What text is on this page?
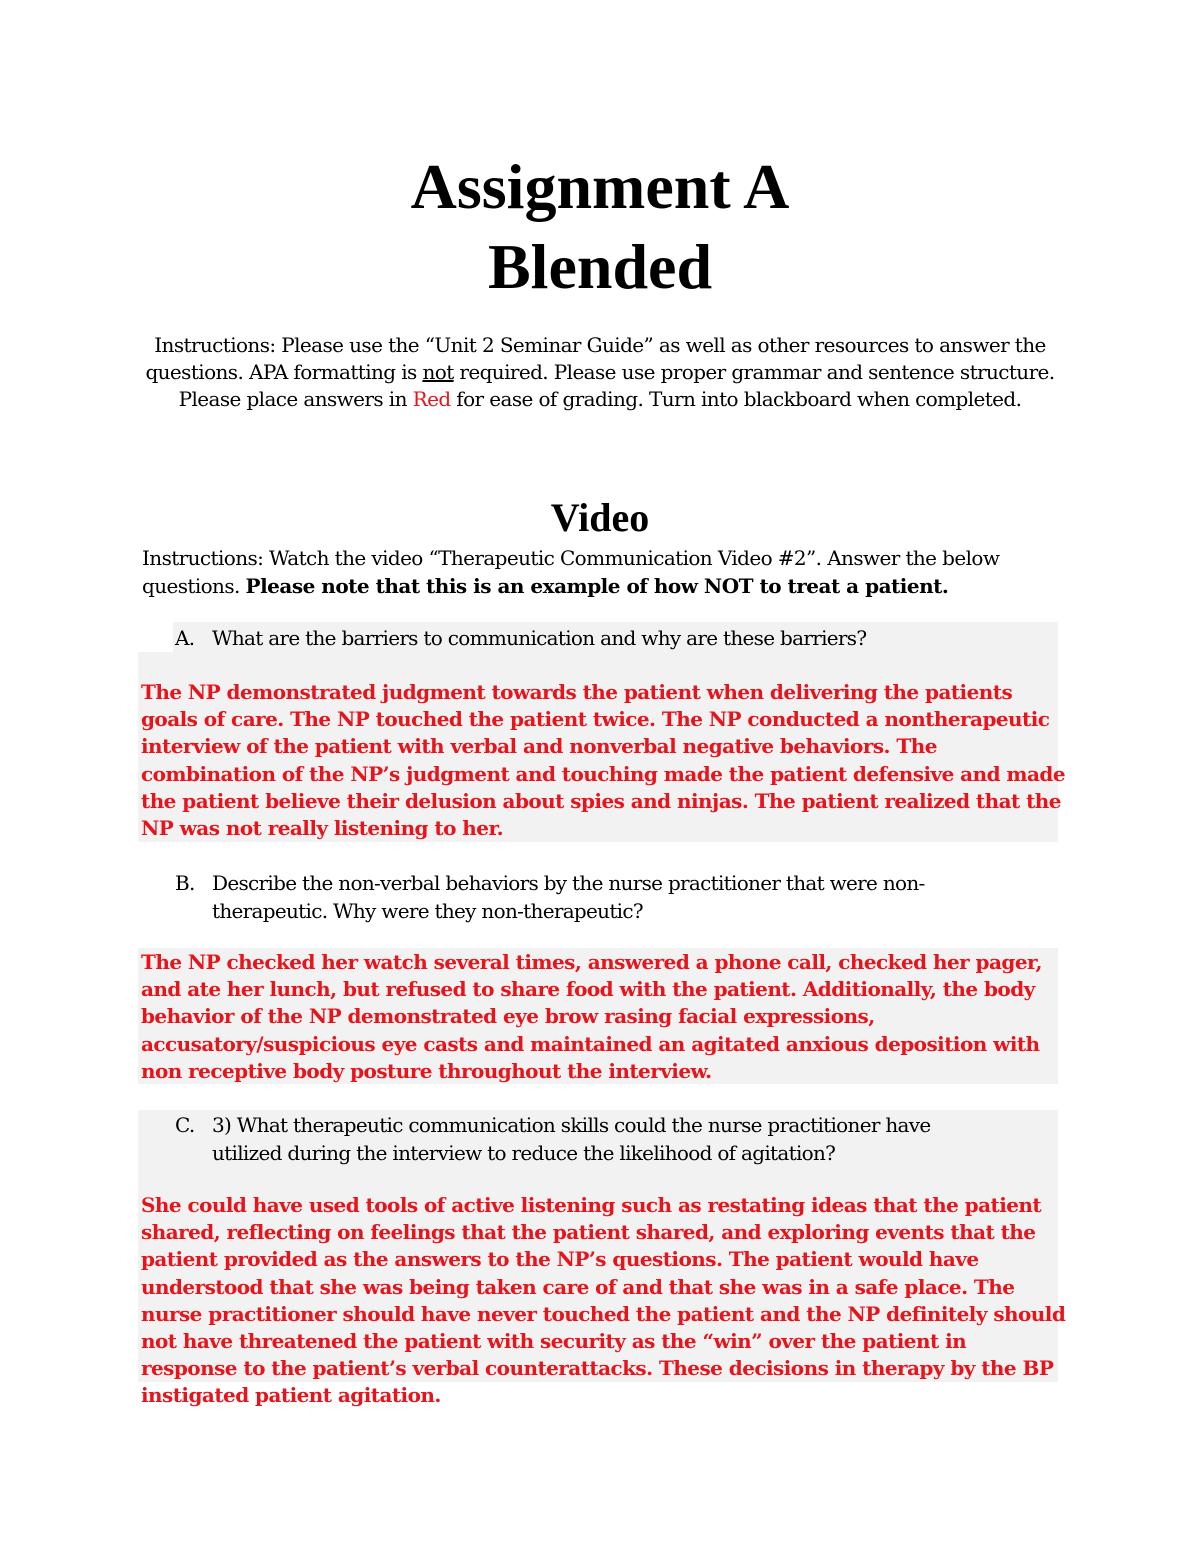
Assignment A
Blended
Instructions: Please use the “Unit 2 Seminar Guide” as well as other resources to answer the questions. APA formatting is not required. Please use proper grammar and sentence structure. Please place answers in Red for ease of grading. Turn into blackboard when completed.
Video
Instructions: Watch the video “Therapeutic Communication Video #2”. Answer the below questions. Please note that this is an example of how NOT to treat a patient.
A. What are the barriers to communication and why are these barriers?
The NP demonstrated judgment towards the patient when delivering the patients goals of care. The NP touched the patient twice. The NP conducted a nontherapeutic interview of the patient with verbal and nonverbal negative behaviors. The combination of the NP’s judgment and touching made the patient defensive and made the patient believe their delusion about spies and ninjas. The patient realized that the NP was not really listening to her.
B. Describe the non-verbal behaviors by the nurse practitioner that were non-therapeutic. Why were they non-therapeutic?
The NP checked her watch several times, answered a phone call, checked her pager, and ate her lunch, but refused to share food with the patient. Additionally, the body behavior of the NP demonstrated eye brow rasing facial expressions, accusatory/suspicious eye casts and maintained an agitated anxious deposition with non receptive body posture throughout the interview.
C. 3) What therapeutic communication skills could the nurse practitioner have utilized during the interview to reduce the likelihood of agitation?
She could have used tools of active listening such as restating ideas that the patient shared, reflecting on feelings that the patient shared, and exploring events that the patient provided as the answers to the NP’s questions. The patient would have understood that she was being taken care of and that she was in a safe place. The nurse practitioner should have never touched the patient and the NP definitely should not have threatened the patient with security as the “win” over the patient in response to the patient’s verbal counterattacks. These decisions in therapy by the BP instigated patient agitation.
